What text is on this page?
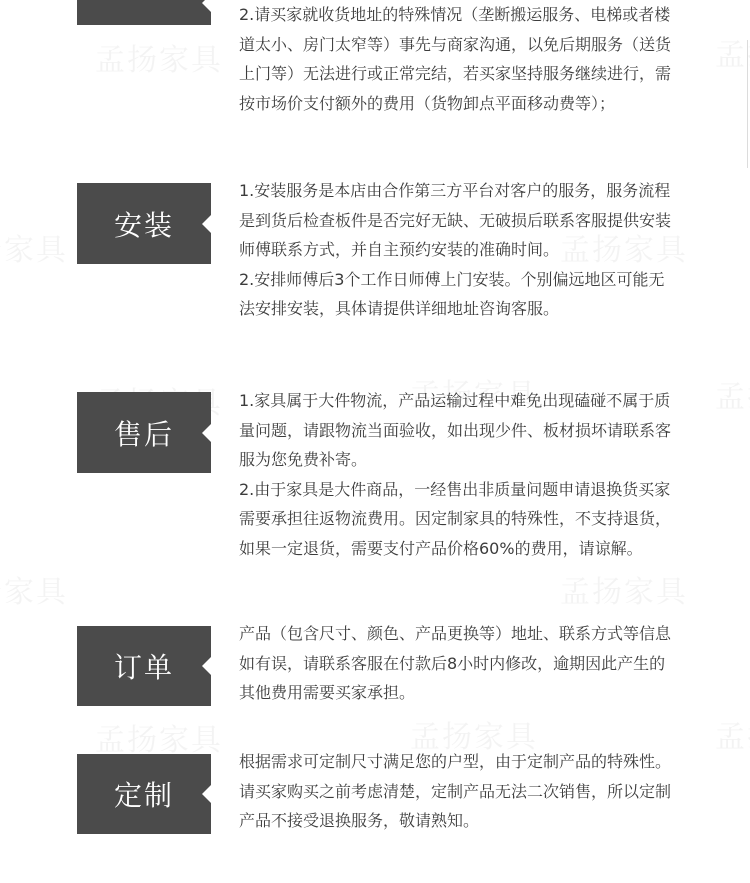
2.请买家就收货地址的特殊情况（垄断搬运服务、电梯或者楼道太小、房门太窄等）事先与商家沟通，以免后期服务（送货上门等）无法进行或正常完结，若买家坚持服务继续进行，需按市场价支付额外的费用（货物卸点平面移动费等）；

安装

1.安装服务是本店由合作第三方平台对客户的服务，服务流程是到货后检查板件是否完好无缺、无破损后联系客服提供安装师傅联系方式，并自主预约安装的准确时间。

2.安排师傅后3个工作日师傅上门安装。个别偏远地区可能无法安排安装，具体请提供详细地址咨询客服。

售后

1.家具属于大件物流，产品运输过程中难免出现磕碰不属于质量问题，请跟物流当面验收，如出现少件、板材损坏请联系客服为您免费补寄。

2.由于家具是大件商品，一经售出非质量问题申请退换货买家需要承担往返物流费用。因定制家具的特殊性，不支持退货，如果一定退货，需要支付产品价格60%的费用，请谅解。

订单

产品（包含尺寸、颜色、产品更换等）地址、联系方式等信息如有误，请联系客服在付款后8小时内修改，逾期因此产生的其他费用需要买家承担。

定制

根据需求可定制尺寸满足您的户型，由于定制产品的特殊性。请买家购买之前考虑清楚，定制产品无法二次销售，所以定制产品不接受退换服务，敬请熟知。
